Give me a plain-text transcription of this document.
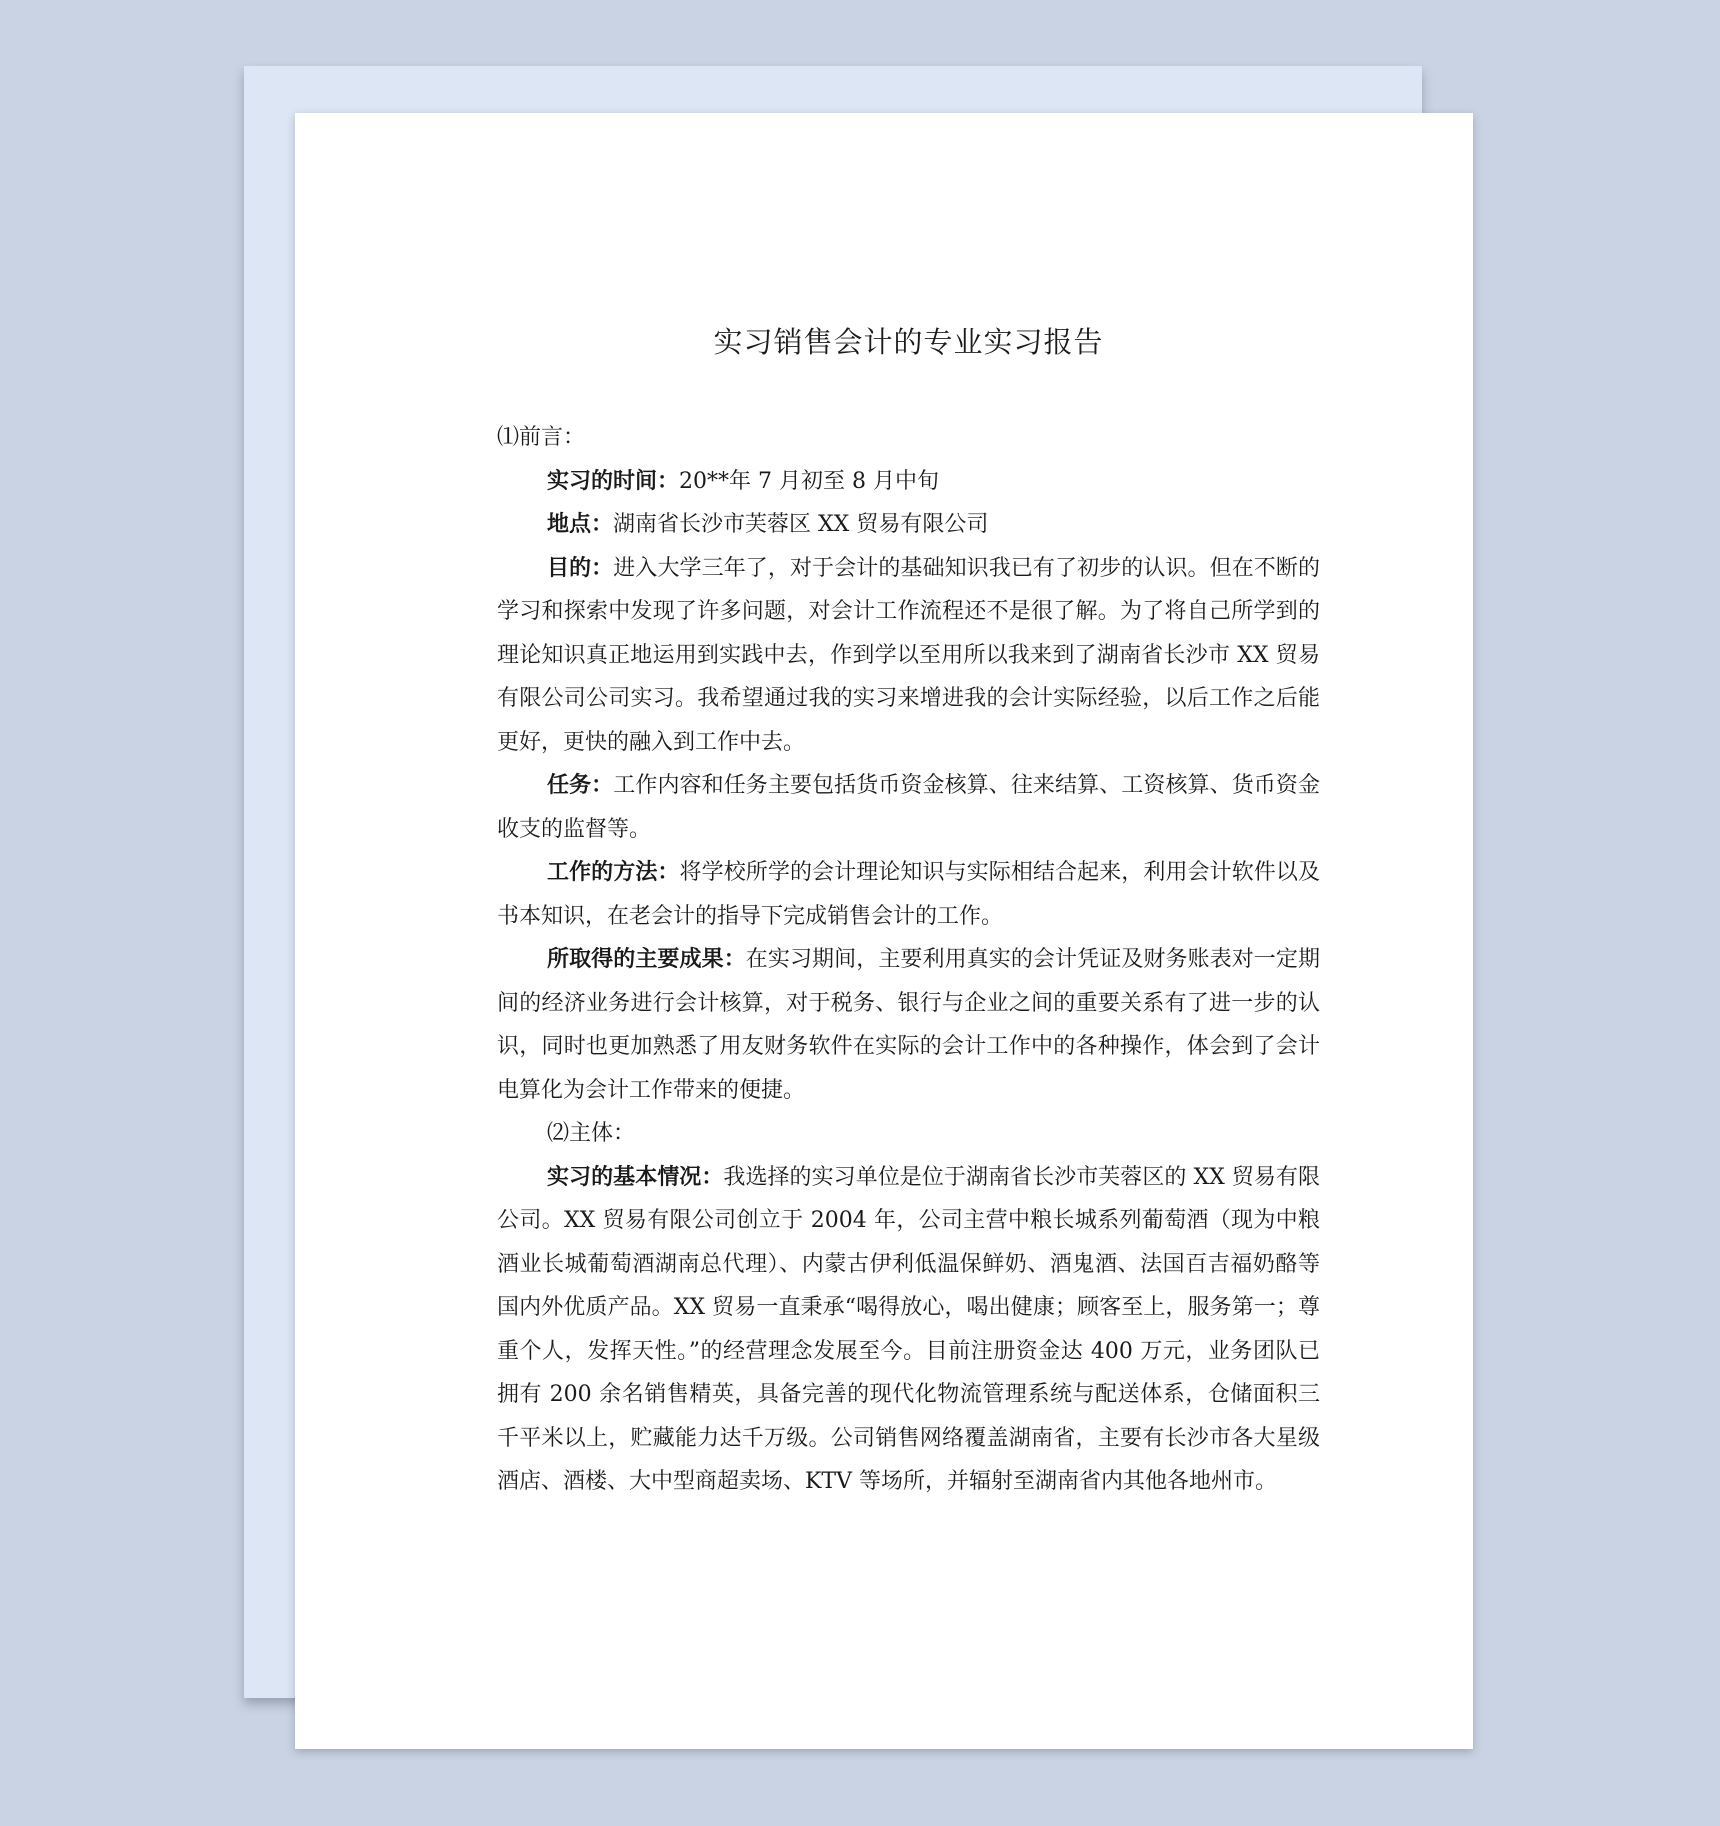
实习销售会计的专业实习报告

⑴前言：

实习的时间：20**年 7 月初至 8 月中旬

地点：湖南省长沙市芙蓉区 XX 贸易有限公司

目的：进入大学三年了，对于会计的基础知识我已有了初步的认识。但在不断的学习和探索中发现了许多问题，对会计工作流程还不是很了解。为了将自己所学到的理论知识真正地运用到实践中去，作到学以至用所以我来到了湖南省长沙市 XX 贸易有限公司公司实习。我希望通过我的实习来增进我的会计实际经验，以后工作之后能更好，更快的融入到工作中去。

任务：工作内容和任务主要包括货币资金核算、往来结算、工资核算、货币资金收支的监督等。

工作的方法：将学校所学的会计理论知识与实际相结合起来，利用会计软件以及书本知识，在老会计的指导下完成销售会计的工作。

所取得的主要成果：在实习期间，主要利用真实的会计凭证及财务账表对一定期间的经济业务进行会计核算，对于税务、银行与企业之间的重要关系有了进一步的认识，同时也更加熟悉了用友财务软件在实际的会计工作中的各种操作，体会到了会计电算化为会计工作带来的便捷。

⑵主体：

实习的基本情况：我选择的实习单位是位于湖南省长沙市芙蓉区的 XX 贸易有限公司。XX 贸易有限公司创立于 2004 年，公司主营中粮长城系列葡萄酒（现为中粮酒业长城葡萄酒湖南总代理）、内蒙古伊利低温保鲜奶、酒鬼酒、法国百吉福奶酪等国内外优质产品。XX 贸易一直秉承“喝得放心，喝出健康；顾客至上，服务第一；尊重个人，发挥天性。”的经营理念发展至今。目前注册资金达 400 万元，业务团队已拥有 200 余名销售精英，具备完善的现代化物流管理系统与配送体系，仓储面积三千平米以上，贮藏能力达千万级。公司销售网络覆盖湖南省，主要有长沙市各大星级酒店、酒楼、大中型商超卖场、KTV 等场所，并辐射至湖南省内其他各地州市。
